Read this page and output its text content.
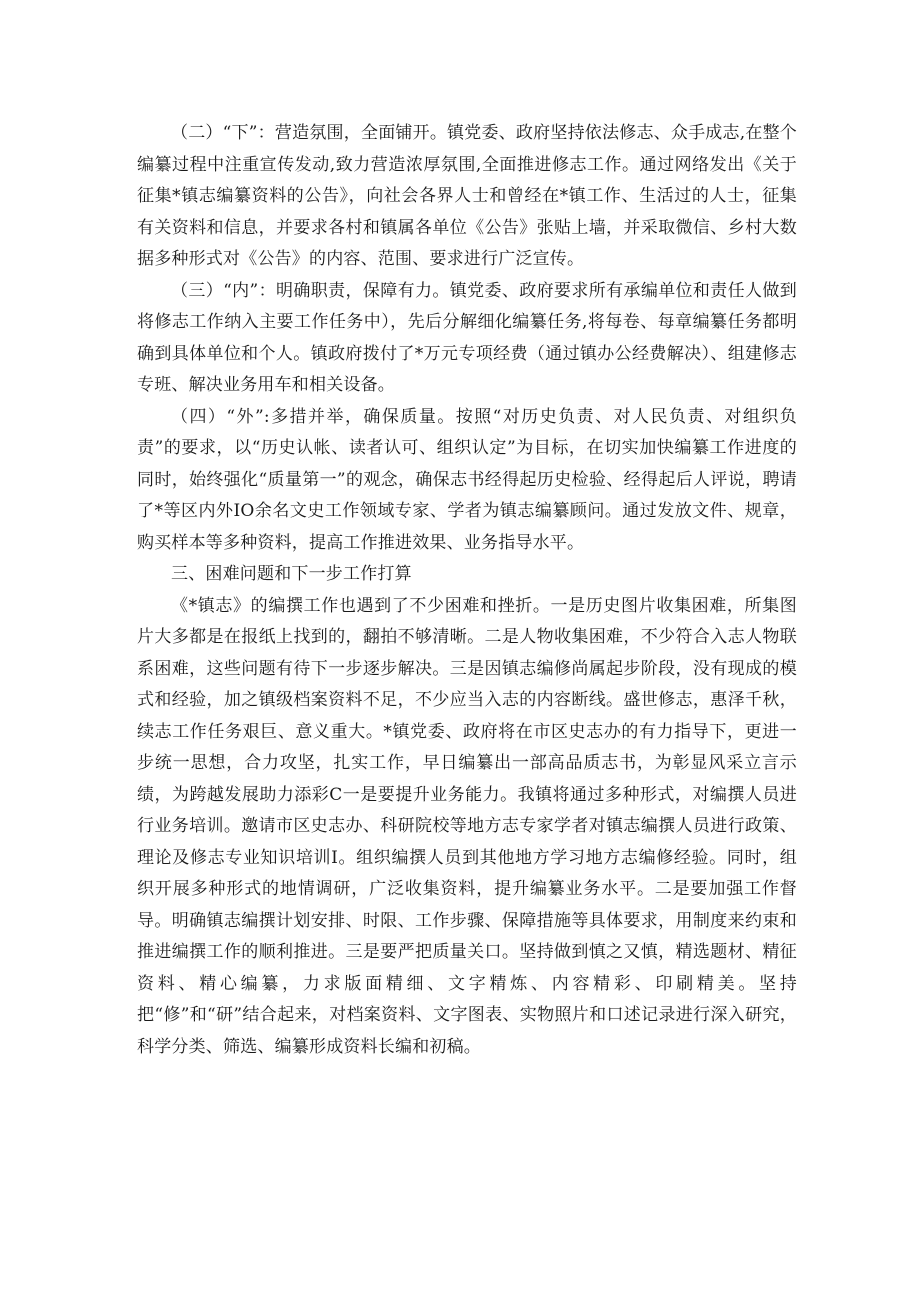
（二）“下”：营造氛围，全面铺开。镇党委、政府坚持依法修志、众手成志,在整个编纂过程中注重宣传发动,致力营造浓厚氛围,全面推进修志工作。通过网络发出《关于征集*镇志编纂资料的公告》，向社会各界人士和曾经在*镇工作、生活过的人士，征集有关资料和信息，并要求各村和镇属各单位《公告》张贴上墙，并采取微信、乡村大数据多种形式对《公告》的内容、范围、要求进行广泛宣传。

（三）“内”：明确职责，保障有力。镇党委、政府要求所有承编单位和责任人做到将修志工作纳入主要工作任务中），先后分解细化编纂任务,将每卷、每章编纂任务都明确到具体单位和个人。镇政府拨付了*万元专项经费（通过镇办公经费解决）、组建修志专班、解决业务用车和相关设备。

（四）“外”:多措并举，确保质量。按照“对历史负责、对人民负责、对组织负责”的要求，以“历史认帐、读者认可、组织认定”为目标，在切实加快编纂工作进度的同时，始终强化“质量第一”的观念，确保志书经得起历史检验、经得起后人评说，聘请了*等区内外IO余名文史工作领域专家、学者为镇志编纂顾问。通过发放文件、规章，购买样本等多种资料，提高工作推进效果、业务指导水平。

三、困难问题和下一步工作打算

《*镇志》的编撰工作也遇到了不少困难和挫折。一是历史图片收集困难，所集图片大多都是在报纸上找到的，翻拍不够清晰。二是人物收集困难，不少符合入志人物联系困难，这些问题有待下一步逐步解决。三是因镇志编修尚属起步阶段，没有现成的模式和经验，加之镇级档案资料不足，不少应当入志的内容断线。盛世修志，惠泽千秋，续志工作任务艰巨、意义重大。*镇党委、政府将在市区史志办的有力指导下，更进一步统一思想，合力攻坚，扎实工作，早日编纂出一部高品质志书，为彰显风采立言示绩，为跨越发展助力添彩C一是要提升业务能力。我镇将通过多种形式，对编撰人员进行业务培训。邀请市区史志办、科研院校等地方志专家学者对镇志编撰人员进行政策、理论及修志专业知识培训I。组织编撰人员到其他地方学习地方志编修经验。同时，组织开展多种形式的地情调研，广泛收集资料，提升编纂业务水平。二是要加强工作督导。明确镇志编撰计划安排、时限、工作步骤、保障措施等具体要求，用制度来约束和推进编撰工作的顺利推进。三是要严把质量关口。坚持做到慎之又慎，精选题材、精征资料、精心编纂，力求版面精细、文字精炼、内容精彩、印刷精美。坚持把“修”和“研”结合起来，对档案资料、文字图表、实物照片和口述记录进行深入研究，科学分类、筛选、编纂形成资料长编和初稿。
